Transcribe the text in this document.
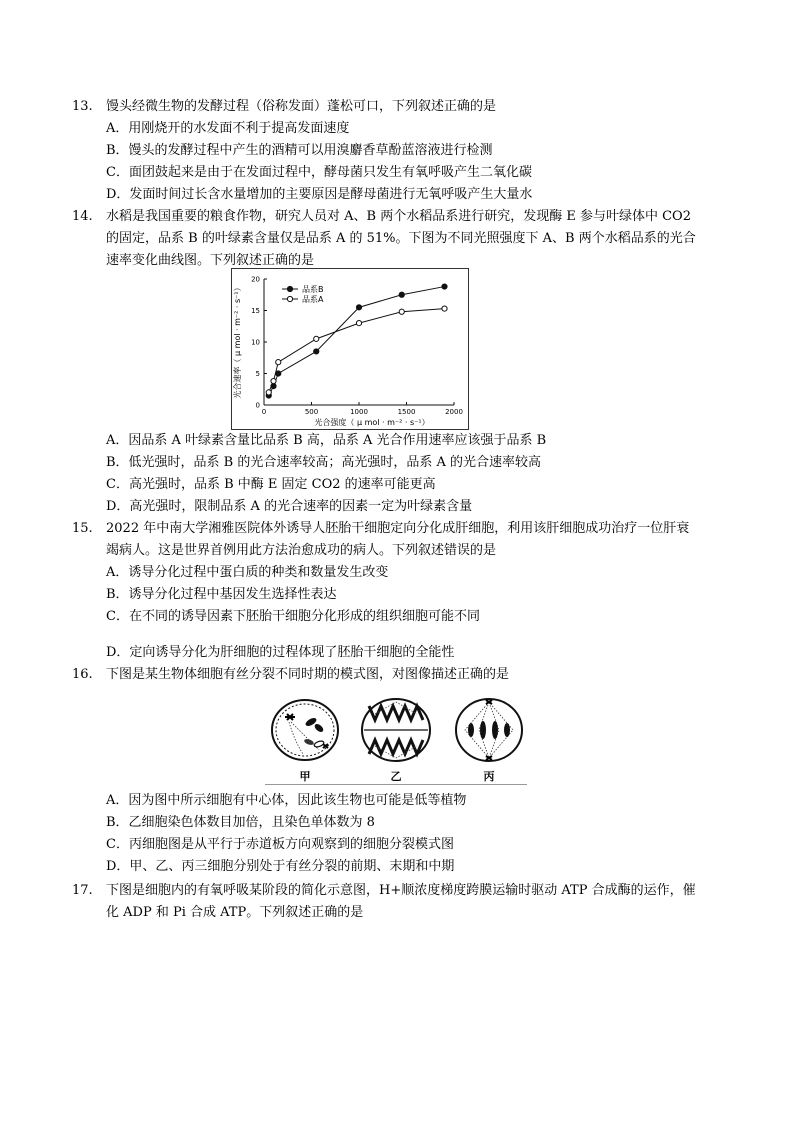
13. 馒头经微生物的发酵过程（俗称发面）蓬松可口，下列叙述正确的是
A．用刚烧开的水发面不利于提高发面速度
B．馒头的发酵过程中产生的酒精可以用溴麝香草酚蓝溶液进行检测
C．面团鼓起来是由于在发面过程中，酵母菌只发生有氧呼吸产生二氧化碳
D．发面时间过长含水量增加的主要原因是酵母菌进行无氧呼吸产生大量水
14. 水稻是我国重要的粮食作物，研究人员对 A、B 两个水稻品系进行研究，发现酶 E 参与叶绿体中 CO2
的固定，品系 B 的叶绿素含量仅是品系 A 的 51%。下图为不同光照强度下 A、B 两个水稻品系的光合
速率变化曲线图。下列叙述正确的是
0	500	1000	1500	2000
0
5
10
15
20
品系B
品系A
光合强度（ μ mol · m⁻² · s⁻¹）
光合速率（ μ mol · m⁻² · s⁻¹）
A．因品系 A 叶绿素含量比品系 B 高，品系 A 光合作用速率应该强于品系 B
B．低光强时，品系 B 的光合速率较高；高光强时，品系 A 的光合速率较高
C．高光强时，品系 B 中酶 E 固定 CO2 的速率可能更高
D．高光强时，限制品系 A 的光合速率的因素一定为叶绿素含量
15. 2022 年中南大学湘雅医院体外诱导人胚胎干细胞定向分化成肝细胞，利用该肝细胞成功治疗一位肝衰
竭病人。这是世界首例用此方法治愈成功的病人。下列叙述错误的是
A．诱导分化过程中蛋白质的种类和数量发生改变
B．诱导分化过程中基因发生选择性表达
C．在不同的诱导因素下胚胎干细胞分化形成的组织细胞可能不同
D．定向诱导分化为肝细胞的过程体现了胚胎干细胞的全能性
16. 下图是某生物体细胞有丝分裂不同时期的模式图，对图像描述正确的是
甲	乙	丙
A．因为图中所示细胞有中心体，因此该生物也可能是低等植物
B．乙细胞染色体数目加倍，且染色单体数为 8
C．丙细胞图是从平行于赤道板方向观察到的细胞分裂模式图
D．甲、乙、丙三细胞分别处于有丝分裂的前期、末期和中期
17. 下图是细胞内的有氧呼吸某阶段的简化示意图，H+顺浓度梯度跨膜运输时驱动 ATP 合成酶的运作，催
化 ADP 和 Pi 合成 ATP。下列叙述正确的是
